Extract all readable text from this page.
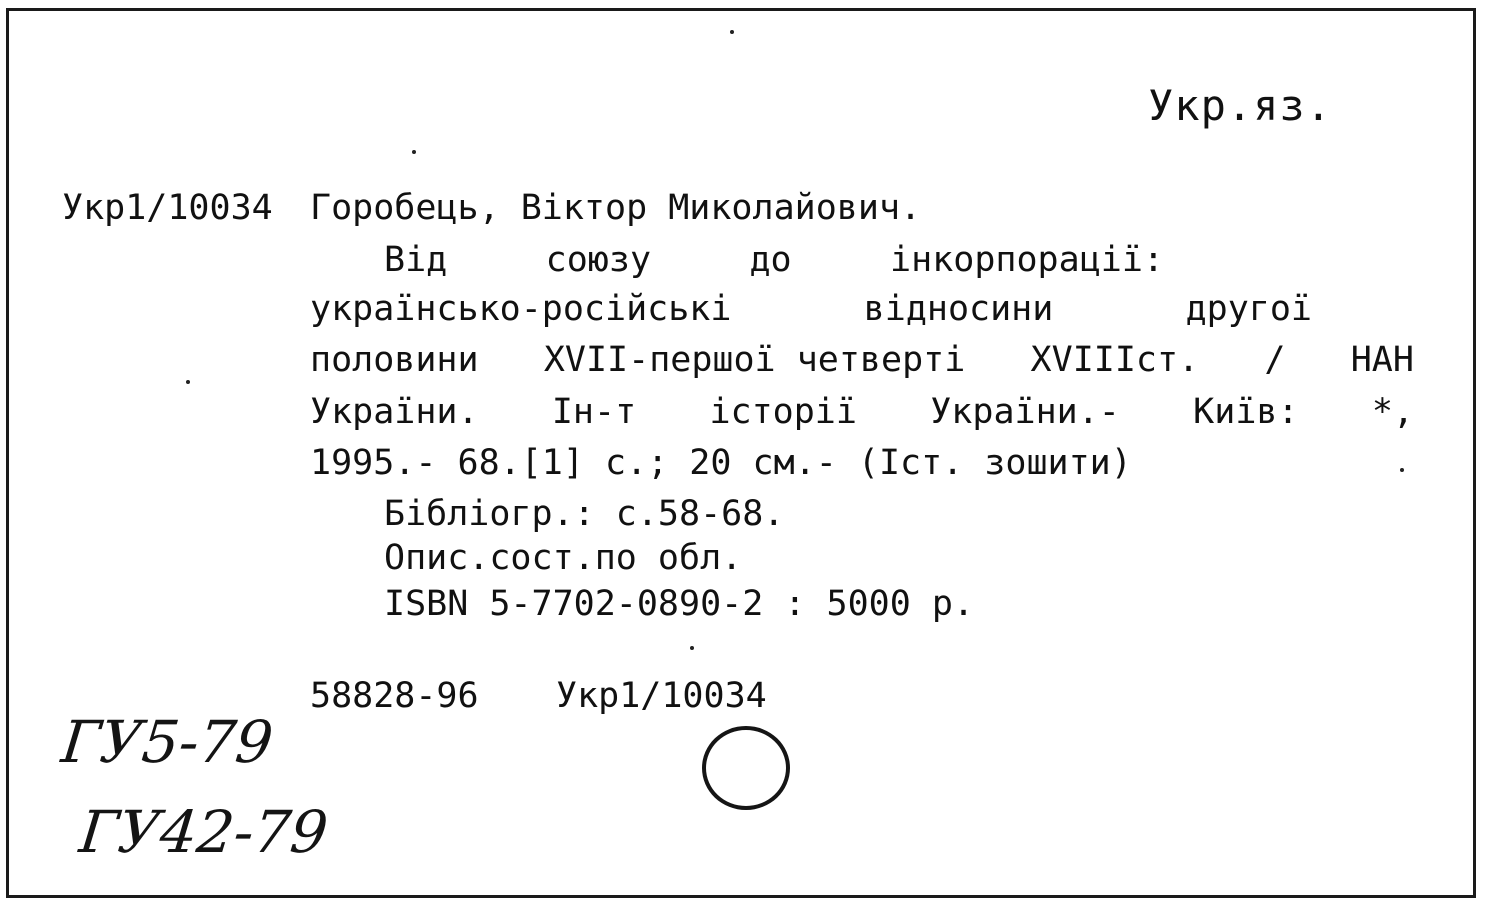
Укр.яз.
Укр1/10034 Горобець, Віктор Миколайович.
Від	союзу	до	інкорпорації:
українсько-російські	відносини	другої
половини XVII-першої четверті XVIIIст. / НАН
України. Ін-т історії України.- Київ: *,
1995.- 68.[1] с.; 20 см.- (Іст. зошити)
Бібліогр.: с.58-68.
Опис.сост.по обл.
ISBN 5-7702-0890-2 : 5000 р.
58828-96 Укр1/10034
ГУ5-79
ГУ42-79
